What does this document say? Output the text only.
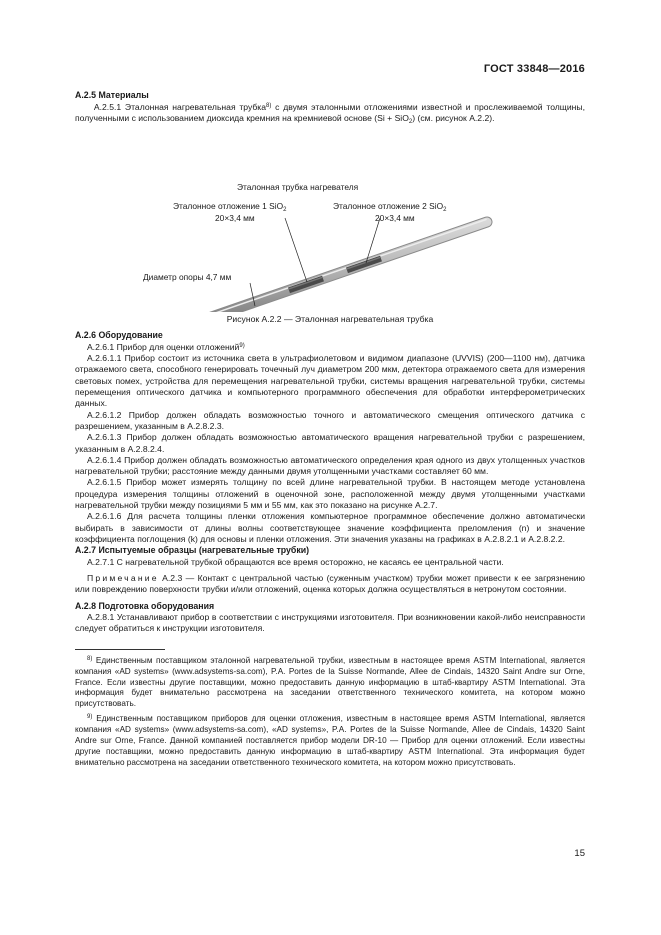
ГОСТ 33848—2016
А.2.5 Материалы

А.2.5.1 Эталонная нагревательная трубка$^{8)}$ с двумя эталонными отложениями известной и прослеживаемой толщины, полученными с использованием диоксида кремния на кремниевой основе (Si + SiO$_2$) (см. рисунок А.2.2).

Эталонная трубка нагревателя
Эталонное отложение 1 SiO$_2$
20×3,4 мм
Эталонное отложение 2 SiO$_2$
20×3,4 мм
Диаметр опоры 4,7 мм

Рисунок А.2.2 — Эталонная нагревательная трубка

А.2.6 Оборудование

А.2.6.1 Прибор для оценки отложений$^{9)}$

А.2.6.1.1 Прибор состоит из источника света в ультрафиолетовом и видимом диапазоне (UVVIS) (200—1100 нм), датчика отражаемого света, способного генерировать точечный луч диаметром 200 мкм, детектора отражаемого света для измерения световых помех, устройства для перемещения нагревательной трубки, системы вращения нагревательной трубки, системы перемещения оптического датчика и компьютерного программного обеспечения для обработки интерферометрических данных.

А.2.6.1.2 Прибор должен обладать возможностью точного и автоматического смещения оптического датчика с разрешением, указанным в А.2.8.2.3.

А.2.6.1.3 Прибор должен обладать возможностью автоматического вращения нагревательной трубки с разрешением, указанным в А.2.8.2.4.

А.2.6.1.4 Прибор должен обладать возможностью автоматического определения края одного из двух утолщенных участков нагревательной трубки; расстояние между данными двумя утолщенными участками составляет 60 мм.

А.2.6.1.5 Прибор может измерять толщину по всей длине нагревательной трубки. В настоящем методе установлена процедура измерения толщины отложений в оценочной зоне, расположенной между двумя утолщенными участками нагревательной трубки между позициями 5 мм и 55 мм, как это показано на рисунке А.2.7.

А.2.6.1.6 Для расчета толщины пленки отложения компьютерное программное обеспечение должно автоматически выбирать в зависимости от длины волны соответствующее значение коэффициента преломления (n) и значение коэффициента поглощения (k) для основы и пленки отложения. Эти значения указаны на графиках в А.2.8.2.1 и А.2.8.2.2.

А.2.7 Испытуемые образцы (нагревательные трубки)

А.2.7.1 С нагревательной трубкой обращаются все время осторожно, не касаясь ее центральной части.

Примечание А.2.3 — Контакт с центральной частью (суженным участком) трубки может привести к ее загрязнению или повреждению поверхности трубки и/или отложений, оценка которых должна осуществляться в нетронутом состоянии.

А.2.8 Подготовка оборудования

А.2.8.1 Устанавливают прибор в соответствии с инструкциями изготовителя. При возникновении какой-либо неисправности следует обратиться к инструкции изготовителя.

$^{8)}$ Единственным поставщиком эталонной нагревательной трубки, известным в настоящее время ASTM International, является компания «AD systems» (www.adsystems-sa.com), P.A. Portes de la Suisse Normande, Allee de Cindais, 14320 Saint Andre sur Orne, France. Если известны другие поставщики, можно предоставить данную информацию в штаб-квартиру ASTM International. Эта информация будет внимательно рассмотрена на заседании ответственного технического комитета, на котором можно присутствовать.

$^{9)}$ Единственным поставщиком приборов для оценки отложения, известным в настоящее время ASTM International, является компания «AD systems» (www.adsystems-sa.com), «AD systems», P.A. Portes de la Suisse Normande, Allee de Cindais, 14320 Saint Andre sur Orne, France. Данной компанией поставляется прибор модели DR-10 — Прибор для оценки отложений. Если известны другие поставщики, можно предоставить данную информацию в штаб-квартиру ASTM International. Эта информация будет внимательно рассмотрена на заседании ответственного технического комитета, на котором можно присутствовать.

15
